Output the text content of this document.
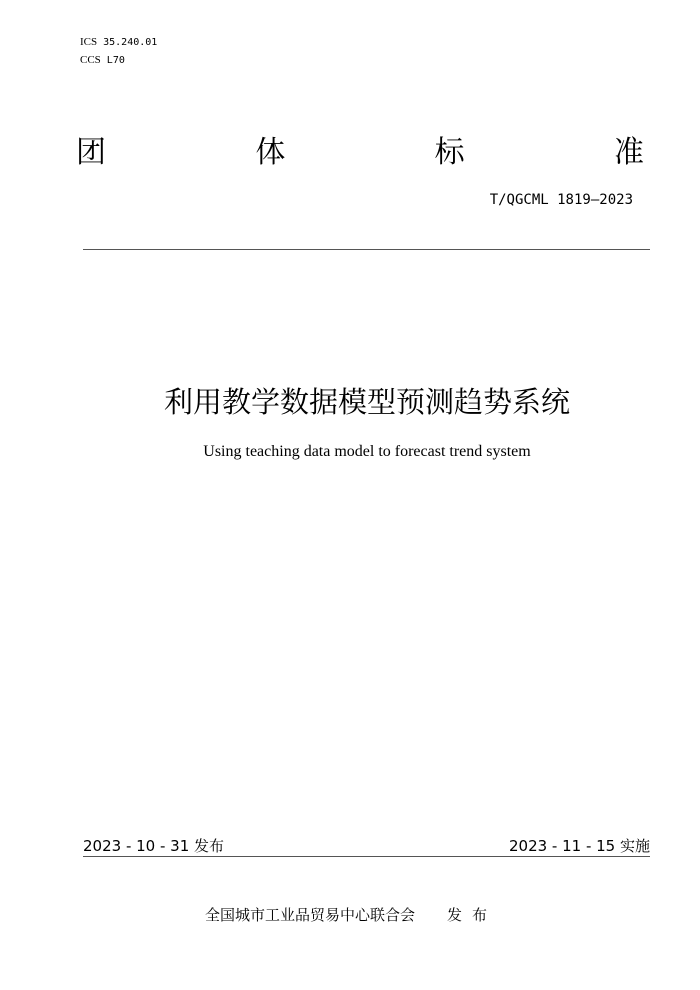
ICS 35.240.01
CCS L70
团	体	标	准
T/QGCML 1819—2023
利用教学数据模型预测趋势系统
Using teaching data model to forecast trend system
2023 - 10 - 31 发布	2023 - 11 - 15 实施
全国城市工业品贸易中心联合会 发布
